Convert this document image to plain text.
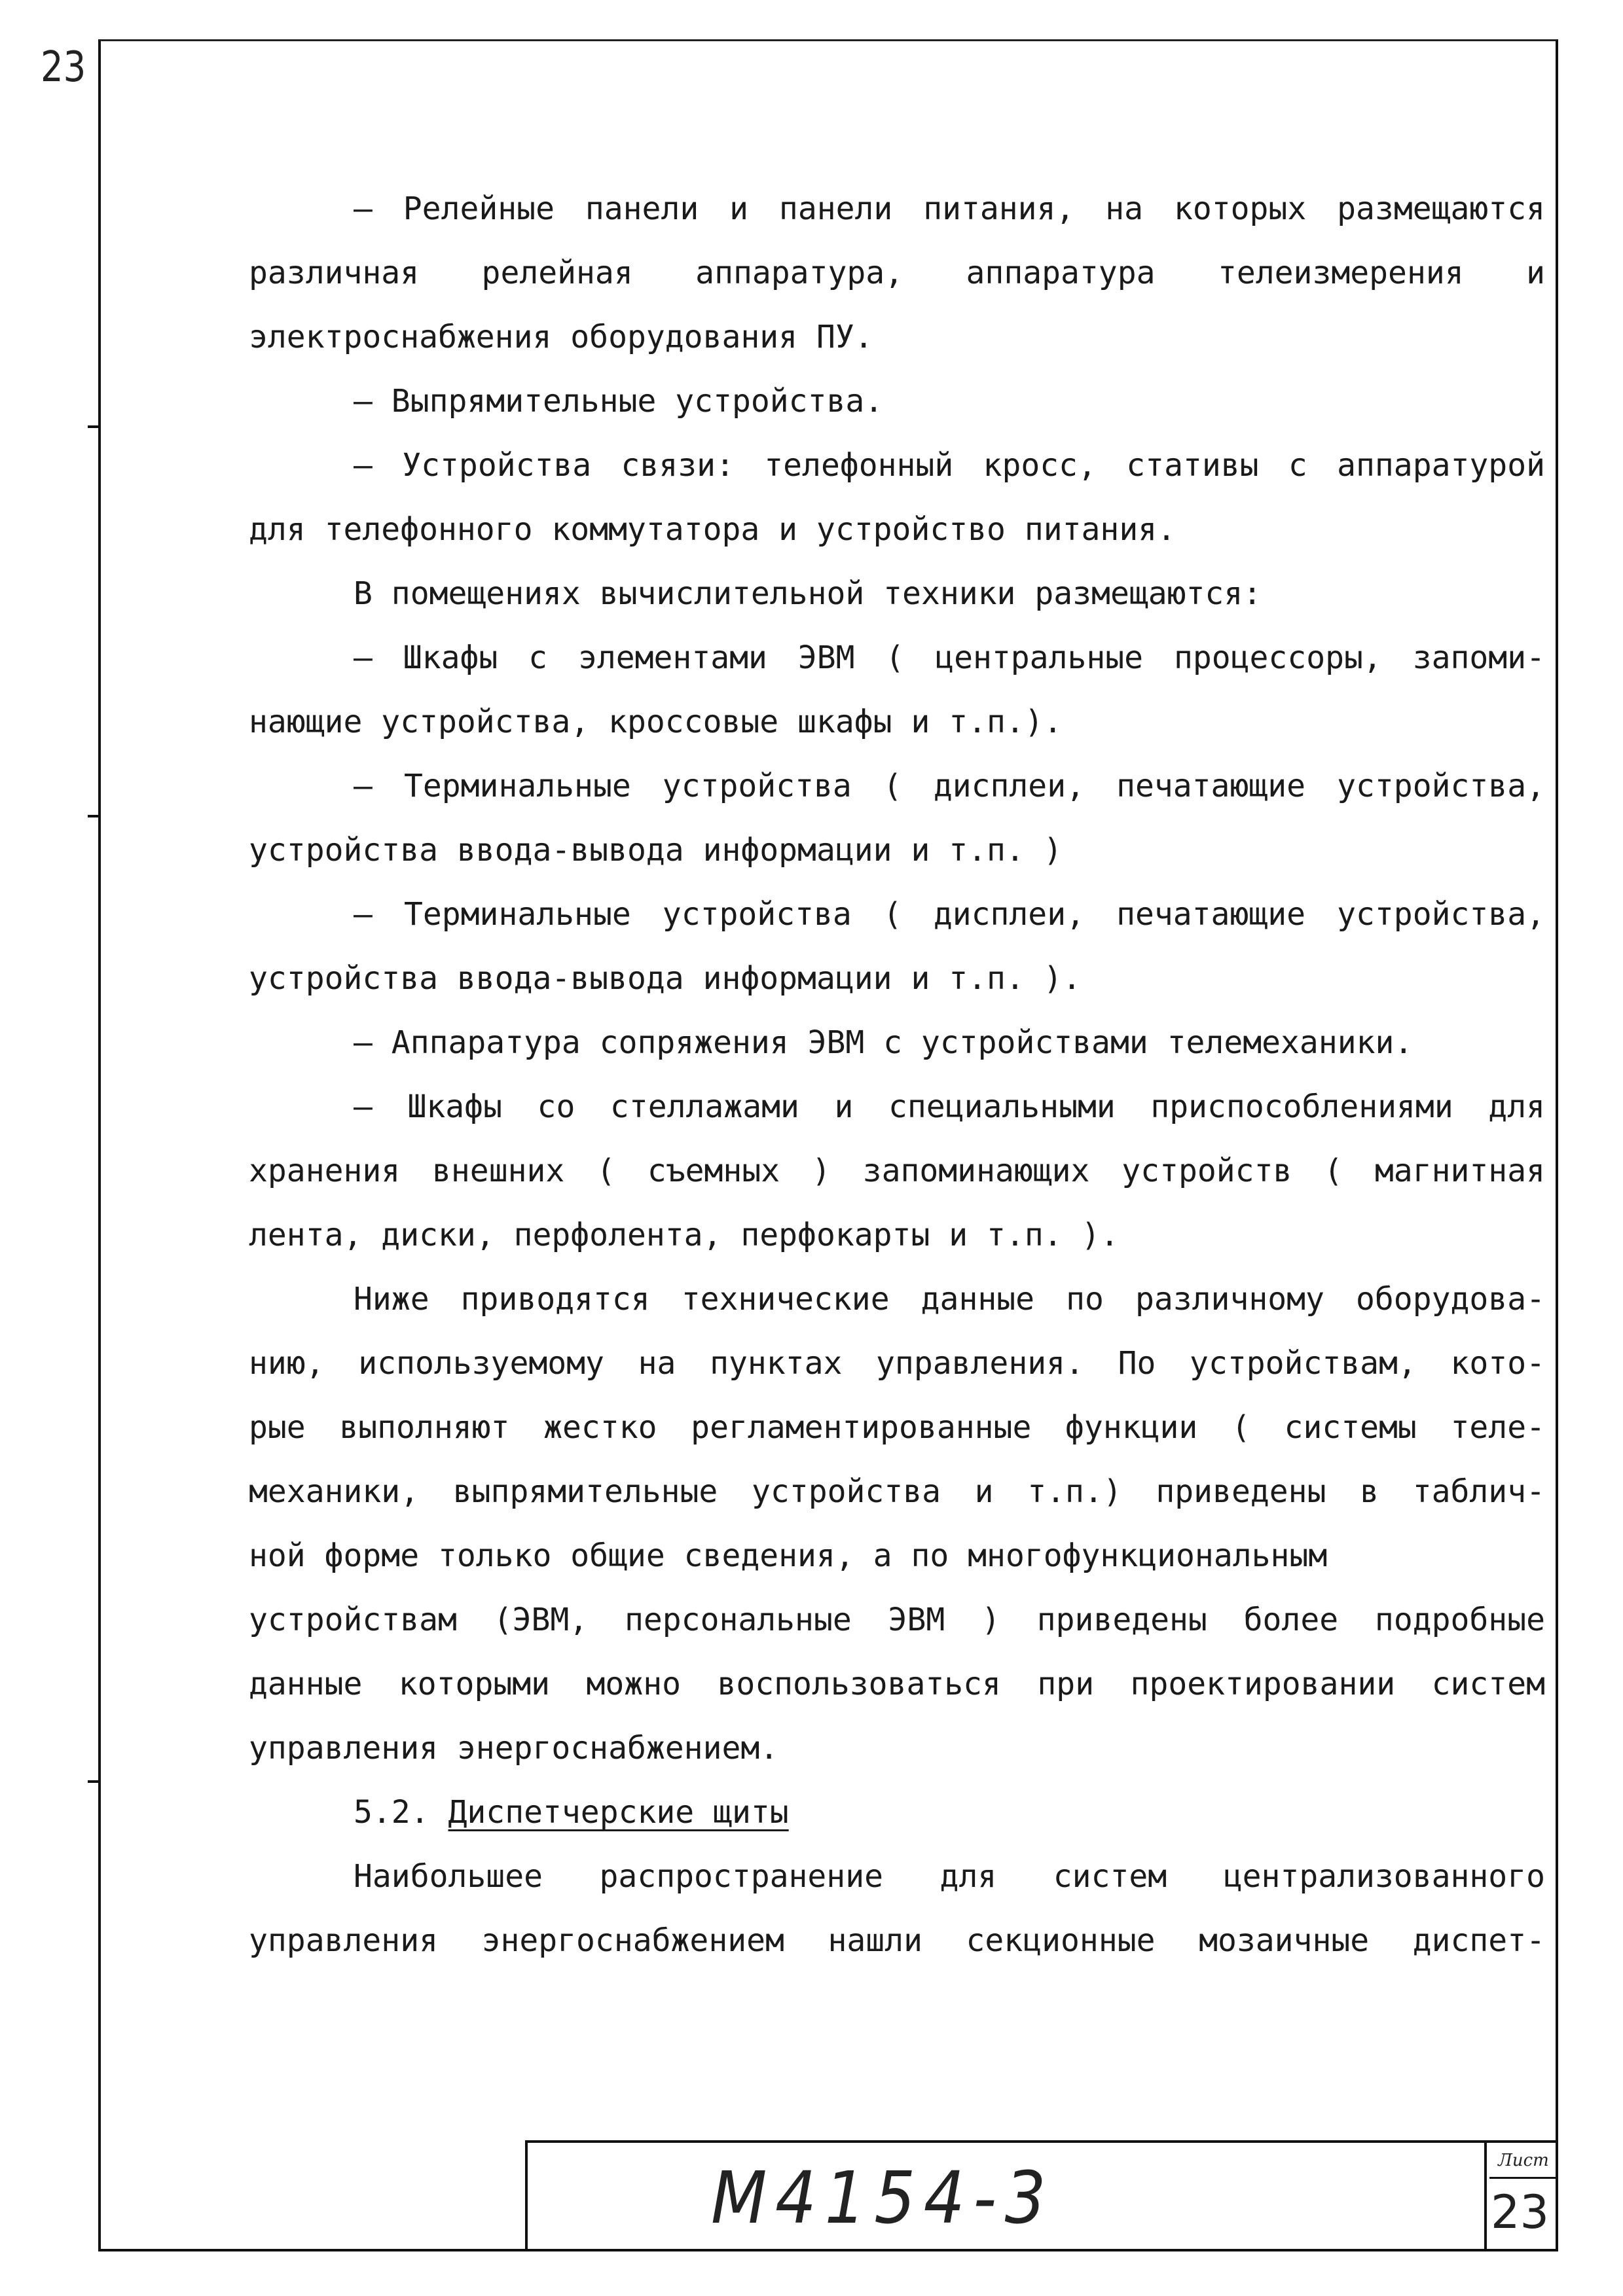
23
– Релейные панели и панели питания, на которых размещаются
различная релейная аппаратура, аппаратура телеизмерения и
электроснабжения оборудования ПУ.
– Выпрямительные устройства.
– Устройства связи: телефонный кросс, стативы с аппаратурой
для телефонного коммутатора и устройство питания.
В помещениях вычислительной техники размещаются:
– Шкафы с элементами ЭВМ ( центральные процессоры, запоми-
нающие устройства, кроссовые шкафы и т.п.).
– Терминальные устройства ( дисплеи, печатающие устройства,
устройства ввода-вывода информации и т.п. )
– Терминальные устройства ( дисплеи, печатающие устройства,
устройства ввода-вывода информации и т.п. ).
– Аппаратура сопряжения ЭВМ с устройствами телемеханики.
– Шкафы со стеллажами и специальными приспособлениями для
хранения внешних ( съемных ) запоминающих устройств ( магнитная
лента, диски, перфолента, перфокарты и т.п. ).
Ниже приводятся технические данные по различному оборудова-
нию, используемому на пунктах управления. По устройствам, кото-
рые выполняют жестко регламентированные функции ( системы теле-
механики, выпрямительные устройства и т.п.) приведены в таблич-
ной форме только общие сведения, а по многофункциональным
устройствам (ЭВМ, персональные ЭВМ ) приведены более подробные
данные которыми можно воспользоваться при проектировании систем
управления энергоснабжением.
5.2. Диспетчерские щиты
Наибольшее распространение для систем централизованного
управления энергоснабжением нашли секционные мозаичные диспет-
М4154-3	Лист
23
